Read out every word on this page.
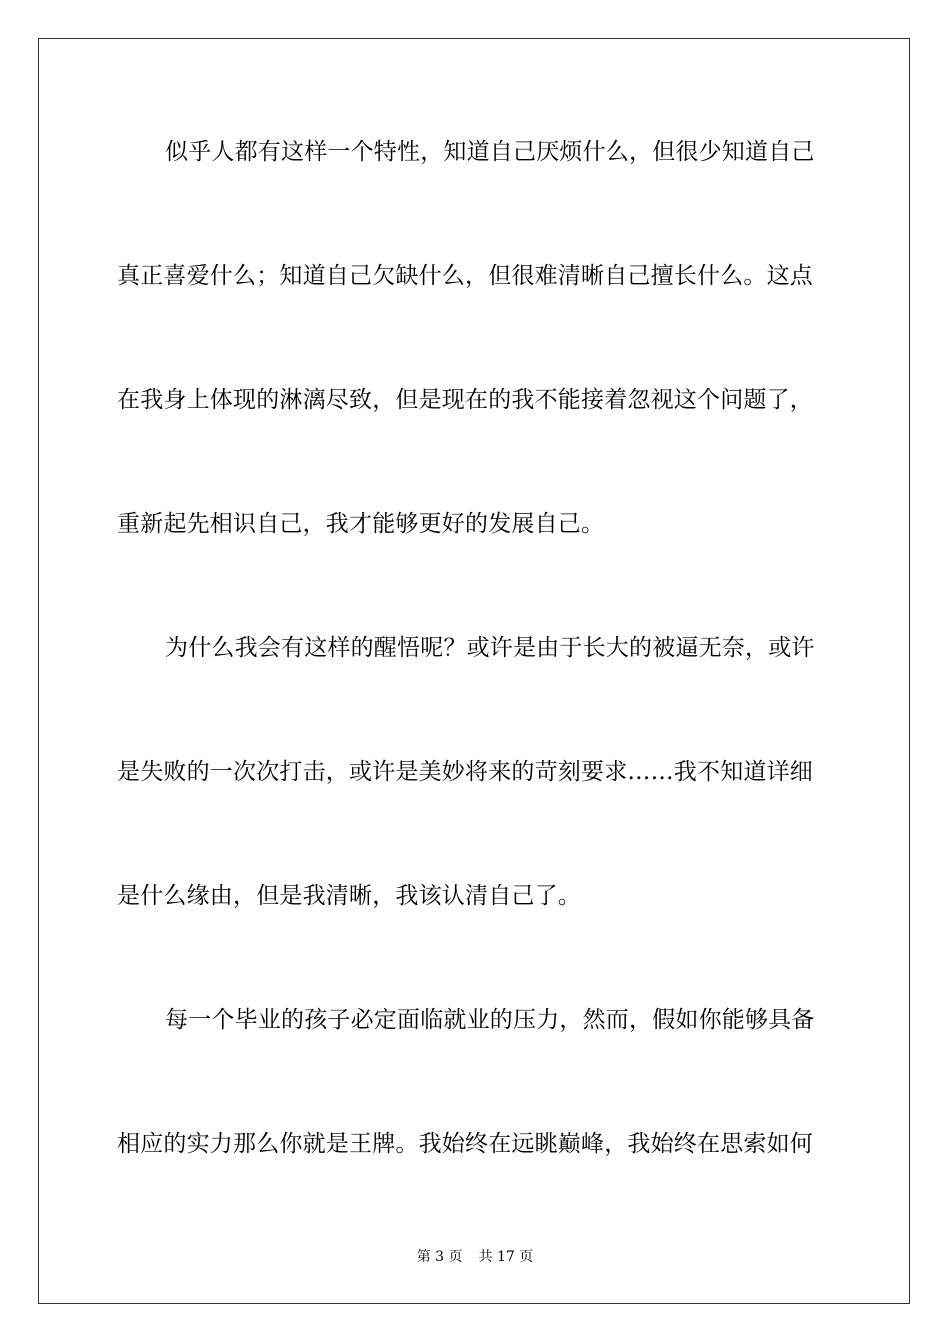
似乎人都有这样一个特性，知道自己厌烦什么，但很少知道自己
真正喜爱什么；知道自己欠缺什么，但很难清晰自己擅长什么。这点
在我身上体现的淋漓尽致，但是现在的我不能接着忽视这个问题了，
重新起先相识自己，我才能够更好的发展自己。
为什么我会有这样的醒悟呢？或许是由于长大的被逼无奈，或许
是失败的一次次打击，或许是美妙将来的苛刻要求……我不知道详细
是什么缘由，但是我清晰，我该认清自己了。
每一个毕业的孩子必定面临就业的压力，然而，假如你能够具备
相应的实力那么你就是王牌。我始终在远眺巅峰，我始终在思索如何
第 3 页 共 17 页
